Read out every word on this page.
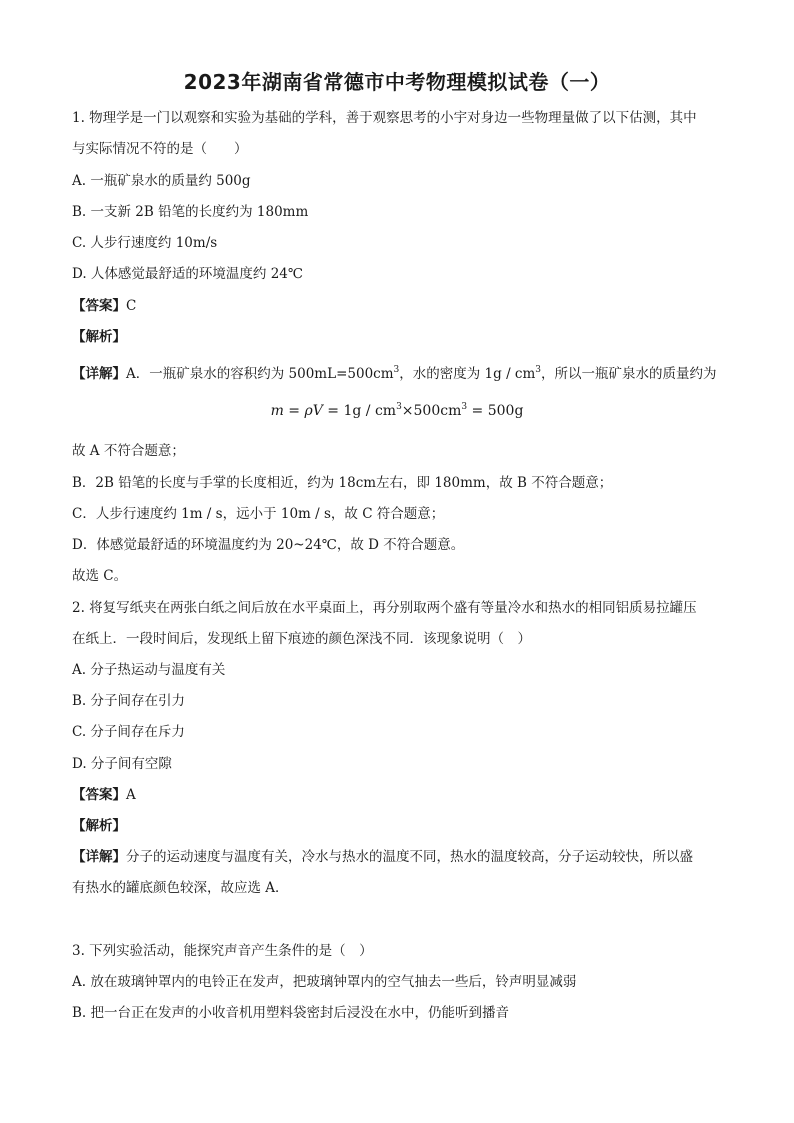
2023年湖南省常德市中考物理模拟试卷（一）
1. 物理学是一门以观察和实验为基础的学科，善于观察思考的小宇对身边一些物理量做了以下估测，其中
与实际情况不符的是（　　）
A. 一瓶矿泉水的质量约 500g
B. 一支新 2B 铅笔的长度约为 180mm
C. 人步行速度约 10m/s
D. 人体感觉最舒适的环境温度约 24℃
【答案】C
【解析】
【详解】A．一瓶矿泉水的容积约为 $500mL=500cm^3$，水的密度为 $1g / cm^3$，所以一瓶矿泉水的质量约为
$m = \rho V = 1g / cm^3\times 500cm^3 = 500g$
故 A 不符合题意；
B．2B 铅笔的长度与手掌的长度相近，约为 18cm左右，即 180mm，故 B 不符合题意；
C．人步行速度约 1m / s，远小于 10m / s，故 C 符合题意；
D．体感觉最舒适的环境温度约为 20~24℃，故 D 不符合题意。
故选 C。
2. 将复写纸夹在两张白纸之间后放在水平桌面上，再分别取两个盛有等量冷水和热水的相同铝质易拉罐压
在纸上．一段时间后，发现纸上留下痕迹的颜色深浅不同．该现象说明（　）
A. 分子热运动与温度有关
B. 分子间存在引力
C. 分子间存在斥力
D. 分子间有空隙
【答案】A
【解析】
【详解】分子的运动速度与温度有关，冷水与热水的温度不同，热水的温度较高，分子运动较快，所以盛
有热水的罐底颜色较深，故应选 A．
3. 下列实验活动，能探究声音产生条件的是（　）
A. 放在玻璃钟罩内的电铃正在发声，把玻璃钟罩内的空气抽去一些后，铃声明显减弱
B. 把一台正在发声的小收音机用塑料袋密封后浸没在水中，仍能听到播音
